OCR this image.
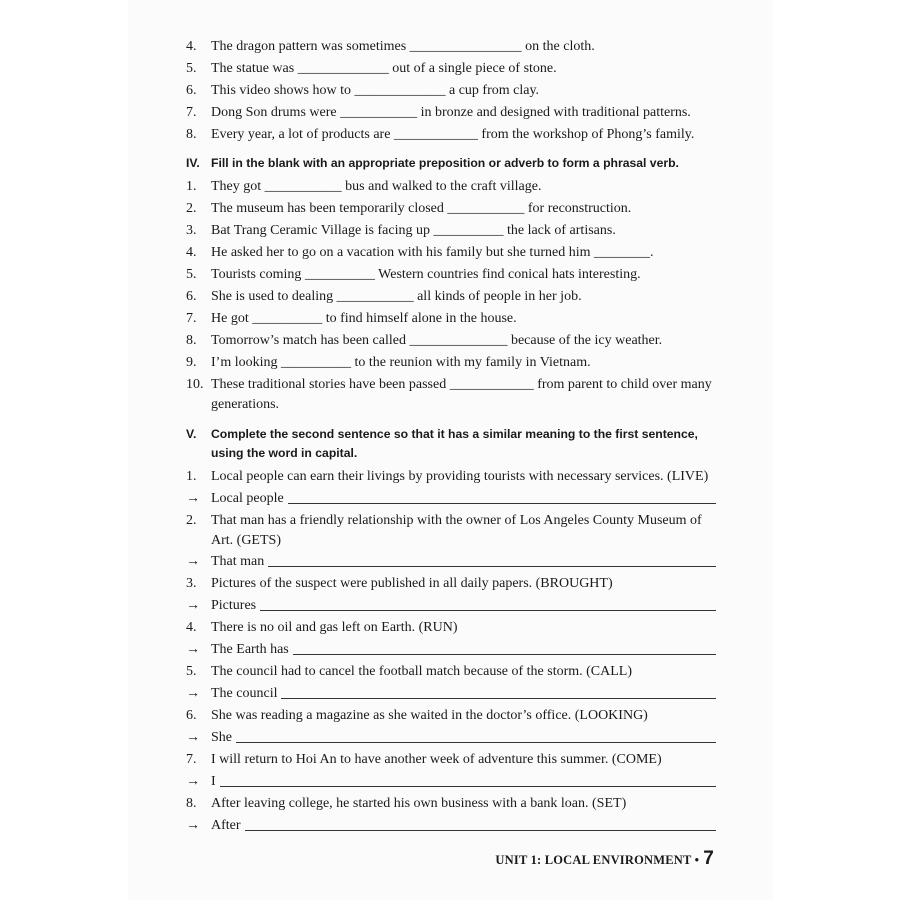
4.	The dragon pattern was sometimes ________________ on the cloth.
5.	The statue was _____________ out of a single piece of stone.
6.	This video shows how to _____________ a cup from clay.
7.	Dong Son drums were ___________ in bronze and designed with traditional patterns.
8.	Every year, a lot of products are ____________ from the workshop of Phong’s family.
IV. Fill in the blank with an appropriate preposition or adverb to form a phrasal verb.
1.	They got ___________ bus and walked to the craft village.
2.	The museum has been temporarily closed ___________ for reconstruction.
3.	Bat Trang Ceramic Village is facing up __________ the lack of artisans.
4.	He asked her to go on a vacation with his family but she turned him ________.
5.	Tourists coming __________ Western countries find conical hats interesting.
6.	She is used to dealing ___________ all kinds of people in her job.
7.	He got __________ to find himself alone in the house.
8.	Tomorrow’s match has been called ______________ because of the icy weather.
9.	I’m looking __________ to the reunion with my family in Vietnam.
10. These traditional stories have been passed ____________ from parent to child over many generations.
V.	Complete the second sentence so that it has a similar meaning to the first sentence, using the word in capital.
1.	Local people can earn their livings by providing tourists with necessary services. (LIVE)
→ Local people
2.	That man has a friendly relationship with the owner of Los Angeles County Museum of Art. (GETS)
→ That man
3.	Pictures of the suspect were published in all daily papers. (BROUGHT)
→ Pictures
4.	There is no oil and gas left on Earth. (RUN)
→ The Earth has
5.	The council had to cancel the football match because of the storm. (CALL)
→ The council
6.	She was reading a magazine as she waited in the doctor’s office. (LOOKING)
→ She
7.	I will return to Hoi An to have another week of adventure this summer. (COME)
→ I
8.	After leaving college, he started his own business with a bank loan. (SET)
→ After
UNIT 1: LOCAL ENVIRONMENT • 7
